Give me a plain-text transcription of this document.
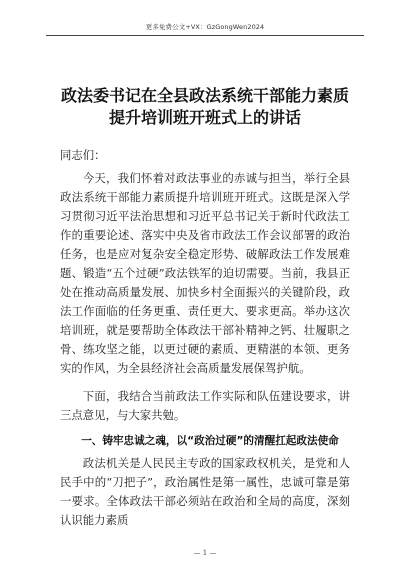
更多免费公文+VX：GzGongWen2024
政法委书记在全县政法系统干部能力素质
提升培训班开班式上的讲话
同志们：

今天，我们怀着对政法事业的赤诚与担当，举行全县政法系统干部能力素质提升培训班开班式。这既是深入学习贯彻习近平法治思想和习近平总书记关于新时代政法工作的重要论述、落实中央及省市政法工作会议部署的政治任务，也是应对复杂安全稳定形势、破解政法工作发展难题、锻造“五个过硬”政法铁军的迫切需要。当前，我县正处在推动高质量发展、加快乡村全面振兴的关键阶段，政法工作面临的任务更重、责任更大、要求更高。举办这次培训班，就是要帮助全体政法干部补精神之钙、壮履职之骨、练攻坚之能，以更过硬的素质、更精湛的本领、更务实的作风，为全县经济社会高质量发展保驾护航。

下面，我结合当前政法工作实际和队伍建设要求，讲三点意见，与大家共勉。

一、铸牢忠诚之魂，以“政治过硬”的清醒扛起政法使命

政法机关是人民民主专政的国家政权机关，是党和人民手中的“刀把子”，政治属性是第一属性，忠诚可靠是第一要求。全体政法干部必须站在政治和全局的高度，深刻认识能力素质

— 1 —
